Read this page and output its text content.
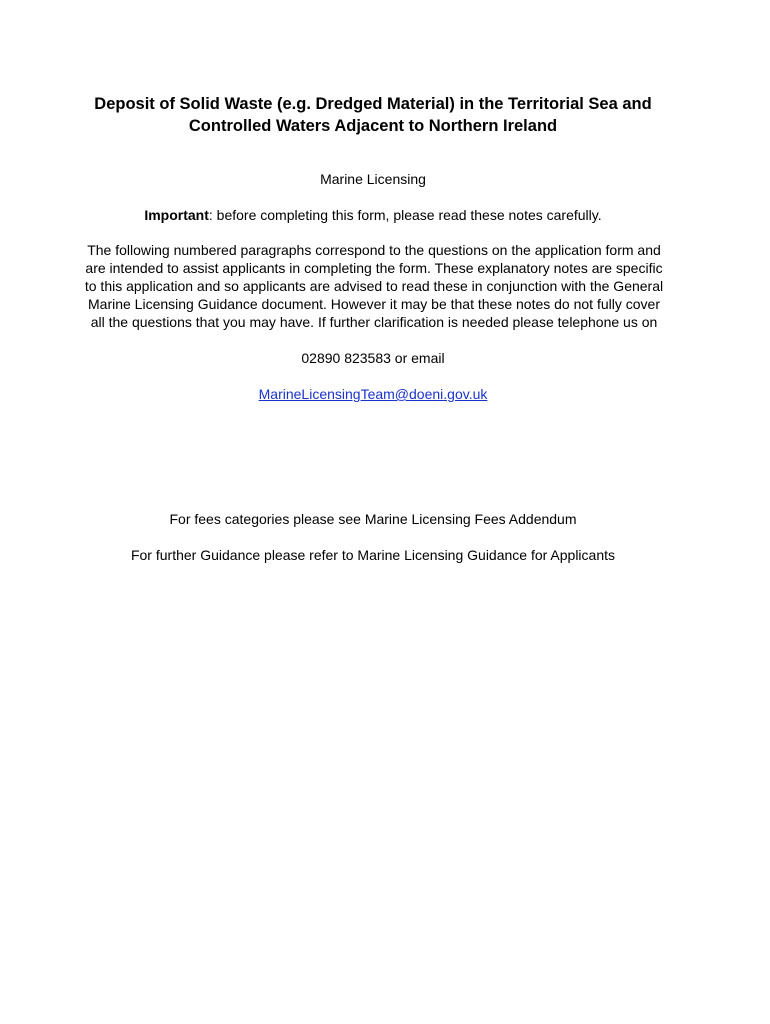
Deposit of Solid Waste (e.g. Dredged Material) in the Territorial Sea and
Controlled Waters Adjacent to Northern Ireland
Marine Licensing
Important: before completing this form, please read these notes carefully.
The following numbered paragraphs correspond to the questions on the application form and
are intended to assist applicants in completing the form. These explanatory notes are specific
to this application and so applicants are advised to read these in conjunction with the General
Marine Licensing Guidance document. However it may be that these notes do not fully cover
all the questions that you may have. If further clarification is needed please telephone us on
02890 823583 or email
MarineLicensingTeam@doeni.gov.uk
For fees categories please see Marine Licensing Fees Addendum
For further Guidance please refer to Marine Licensing Guidance for Applicants
